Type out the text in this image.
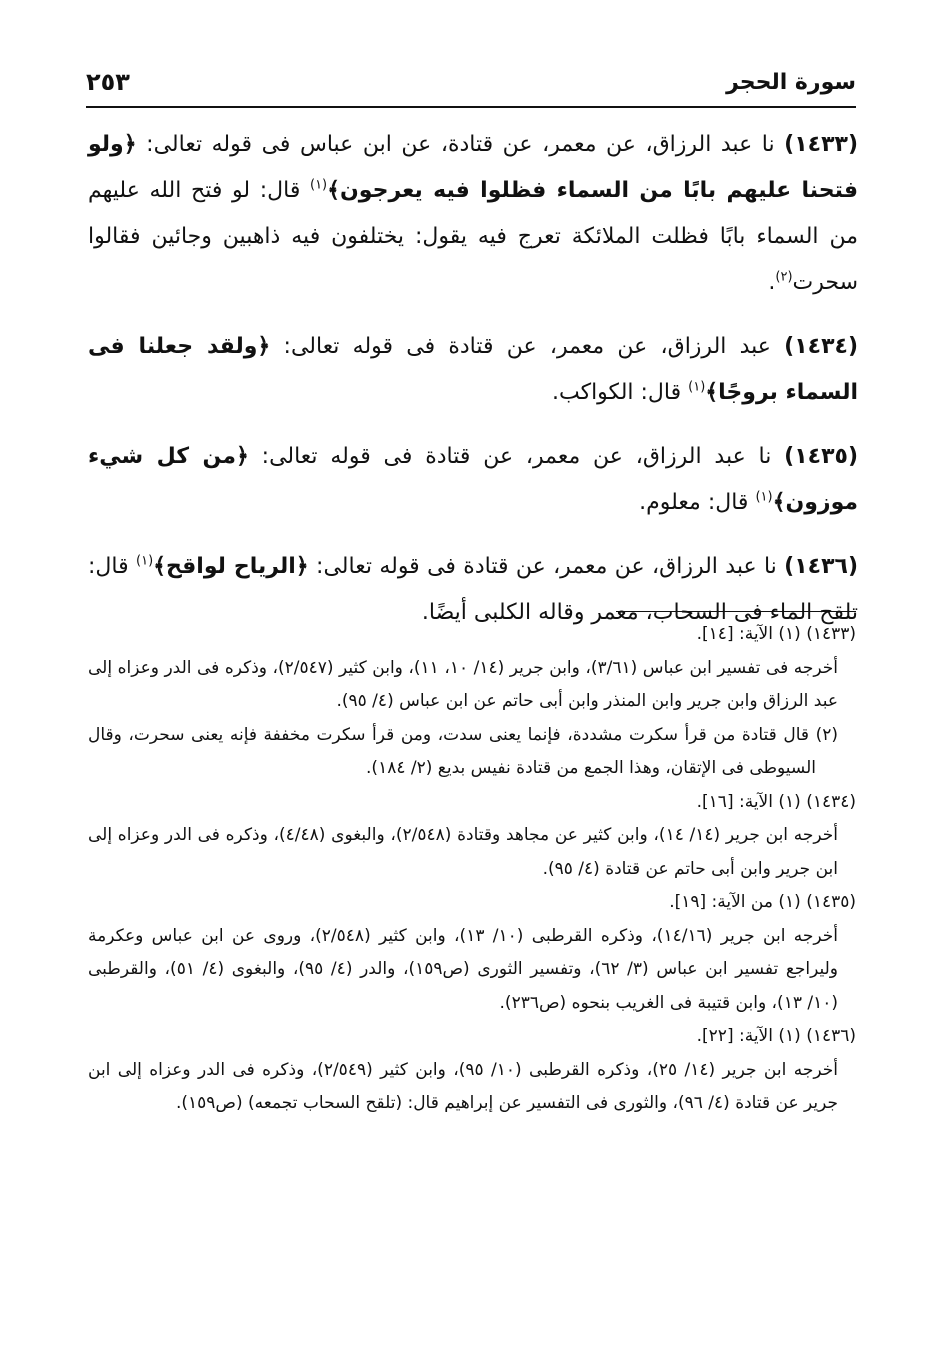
سورة الحجر
٢٥٣

(١٤٣٣) نا عبد الرزاق، عن معمر، عن قتادة، عن ابن عباس فى قوله تعالى: ﴿ولو فتحنا عليهم بابًا من السماء فظلوا فيه يعرجون﴾$^{(١)}$ قال: لو فتح الله عليهم من السماء بابًا فظلت الملائكة تعرج فيه يقول: يختلفون فيه ذاهبين وجائين فقالوا سحرت$^{(٢)}$.

(١٤٣٤) عبد الرزاق، عن معمر، عن قتادة فى قوله تعالى: ﴿ولقد جعلنا فى السماء بروجًا﴾$^{(١)}$ قال: الكواكب.

(١٤٣٥) نا عبد الرزاق، عن معمر، عن قتادة فى قوله تعالى: ﴿من كل شيء موزون﴾$^{(١)}$ قال: معلوم.

(١٤٣٦) نا عبد الرزاق، عن معمر، عن قتادة فى قوله تعالى: ﴿الرياح لواقح﴾$^{(١)}$ قال: تلقح الماء فى السحاب، معمر وقاله الكلبى أيضًا.

(١٤٣٣) (١) الآية: [١٤].

أخرجه فى تفسير ابن عباس (٣/٦١)، وابن جرير (١٤/ ١٠، ١١)، وابن كثير (٢/٥٤٧)، وذكره فى الدر وعزاه إلى عبد الرزاق وابن جرير وابن المنذر وابن أبى حاتم عن ابن عباس (٤/ ٩٥).

(٢) قال قتادة من قرأ سكرت مشددة، فإنما يعنى سدت، ومن قرأ سكرت مخففة فإنه يعنى سحرت، وقال السيوطى فى الإتقان، وهذا الجمع من قتادة نفيس بديع (٢/ ١٨٤).

(١٤٣٤) (١) الآية: [١٦].

أخرجه ابن جرير (١٤/ ١٤)، وابن كثير عن مجاهد وقتادة (٢/٥٤٨)، والبغوى (٤/٤٨)، وذكره فى الدر وعزاه إلى ابن جرير وابن أبى حاتم عن قتادة (٤/ ٩٥).

(١٤٣٥) (١) من الآية: [١٩].

أخرجه ابن جرير (١٤/١٦)، وذكره القرطبى (١٠/ ١٣)، وابن كثير (٢/٥٤٨)، وروى عن ابن عباس وعكرمة وليراجع تفسير ابن عباس (٣/ ٦٢)، وتفسير الثورى (ص١٥٩)، والدر (٤/ ٩٥)، والبغوى (٤/ ٥١)، والقرطبى (١٠/ ١٣)، وابن قتيبة فى الغريب بنحوه (ص٢٣٦).

(١٤٣٦) (١) الآية: [٢٢].

أخرجه ابن جرير (١٤/ ٢٥)، وذكره القرطبى (١٠/ ٩٥)، وابن كثير (٢/٥٤٩)، وذكره فى الدر وعزاه إلى ابن جرير عن قتادة (٤/ ٩٦)، والثورى فى التفسير عن إبراهيم قال: (تلقح السحاب تجمعه) (ص١٥٩).
